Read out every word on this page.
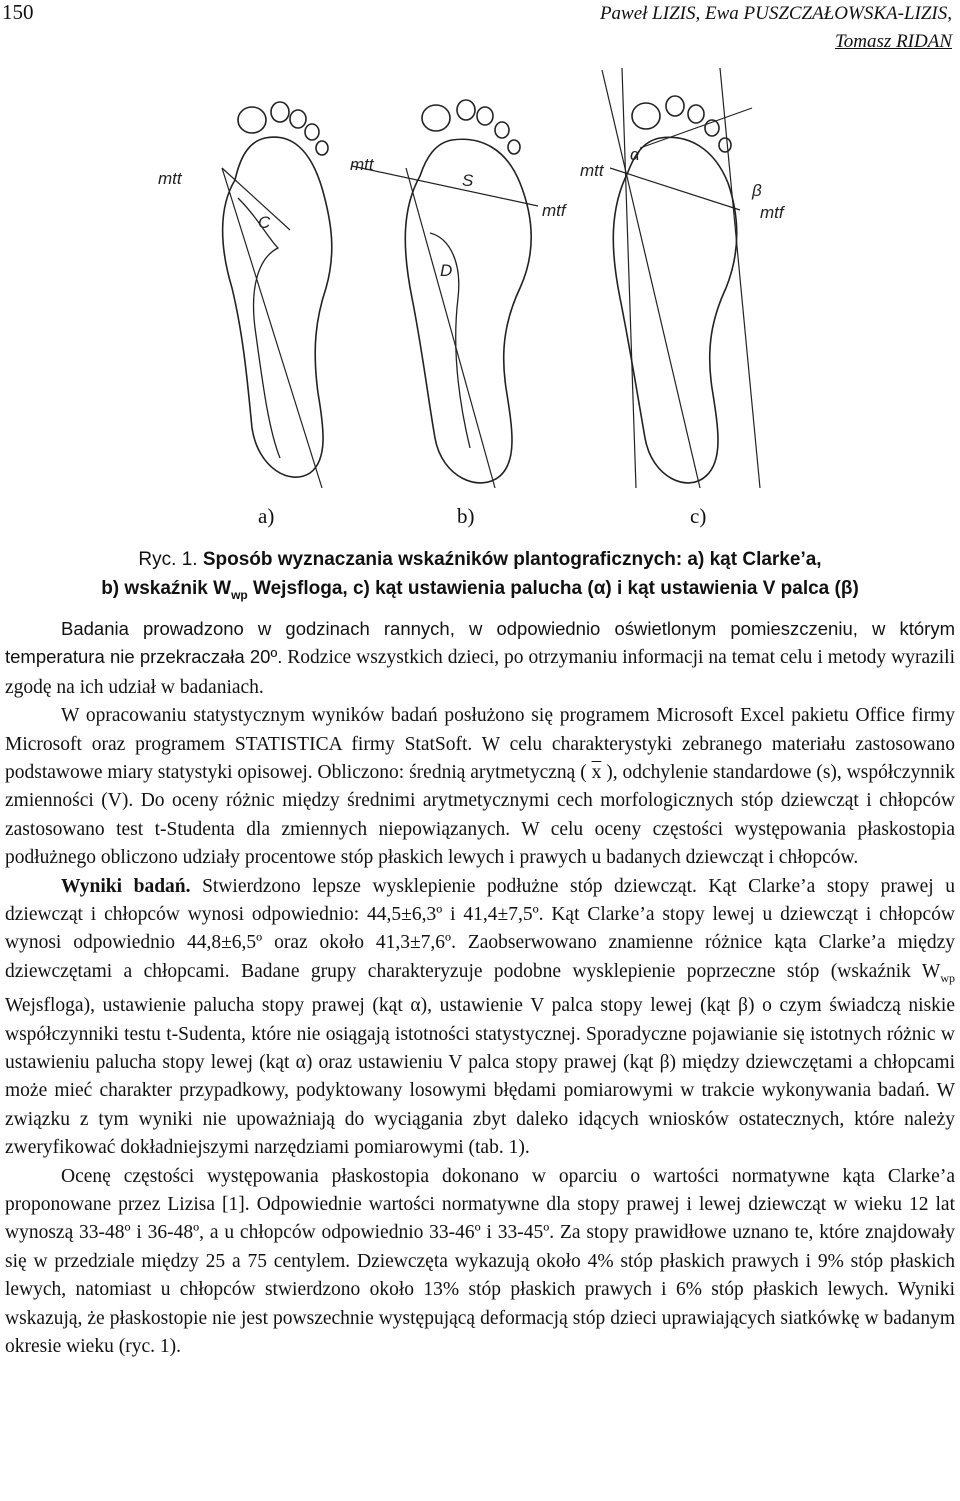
150	Paweł LIZIS, Ewa PUSZCZAŁOWSKA-LIZIS,
Tomasz RIDAN
mtt
C
mtt
S
mtf
D
mtt
α
β
mtf
a)	b)	c)
Ryc. 1. Sposób wyznaczania wskaźników plantograficznych: a) kąt Clarke’a,
b) wskaźnik $W_{wp}$ Wejsfloga, c) kąt ustawienia palucha (α) i kąt ustawienia V palca (β)

Badania prowadzono w godzinach rannych, w odpowiednio oświetlonym pomieszczeniu, w którym temperatura nie przekraczała 20º. Rodzice wszystkich dzieci, po otrzymaniu informacji na temat celu i metody wyrazili zgodę na ich udział w badaniach.

W opracowaniu statystycznym wyników badań posłużono się programem Microsoft Excel pakietu Office firmy Microsoft oraz programem STATISTICA firmy StatSoft. W celu charakterystyki zebranego materiału zastosowano podstawowe miary statystyki opisowej. Obliczono: średnią arytmetyczną ( $\overline{x}$ ), odchylenie standardowe (s), współczynnik zmienności (V). Do oceny różnic między średnimi arytmetycznymi cech morfologicznych stóp dziewcząt i chłopców zastosowano test t-Studenta dla zmiennych niepowiązanych. W celu oceny częstości występowania płaskostopia podłużnego obliczono udziały procentowe stóp płaskich lewych i prawych u badanych dziewcząt i chłopców.

Wyniki badań. Stwierdzono lepsze wysklepienie podłużne stóp dziewcząt. Kąt Clarke’a stopy prawej u dziewcząt i chłopców wynosi odpowiednio: 44,5±6,3º i 41,4±7,5º. Kąt Clarke’a stopy lewej u dziewcząt i chłopców wynosi odpowiednio 44,8±6,5º oraz około 41,3±7,6º. Zaobserwowano znamienne różnice kąta Clarke’a między dziewczętami a chłopcami. Badane grupy charakteryzuje podobne wysklepienie poprzeczne stóp (wskaźnik $W_{wp}$ Wejsfloga), ustawienie palucha stopy prawej (kąt α), ustawienie V palca stopy lewej (kąt β) o czym świadczą niskie współczynniki testu t-Sudenta, które nie osiągają istotności statystycznej. Sporadyczne pojawianie się istotnych różnic w ustawieniu palucha stopy lewej (kąt α) oraz ustawieniu V palca stopy prawej (kąt β) między dziewczętami a chłopcami może mieć charakter przypadkowy, podyktowany losowymi błędami pomiarowymi w trakcie wykonywania badań. W związku z tym wyniki nie upoważniają do wyciągania zbyt daleko idących wniosków ostatecznych, które należy zweryfikować dokładniejszymi narzędziami pomiarowymi (tab. 1).

Ocenę częstości występowania płaskostopia dokonano w oparciu o wartości normatywne kąta Clarke’a proponowane przez Lizisa [1]. Odpowiednie wartości normatywne dla stopy prawej i lewej dziewcząt w wieku 12 lat wynoszą 33-48º i 36-48º, a u chłopców odpowiednio 33-46º i 33-45º. Za stopy prawidłowe uznano te, które znajdowały się w przedziale między 25 a 75 centylem. Dziewczęta wykazują około 4% stóp płaskich prawych i 9% stóp płaskich lewych, natomiast u chłopców stwierdzono około 13% stóp płaskich prawych i 6% stóp płaskich lewych. Wyniki wskazują, że płaskostopie nie jest powszechnie występującą deformacją stóp dzieci uprawiających siatkówkę w badanym okresie wieku (ryc. 1).
